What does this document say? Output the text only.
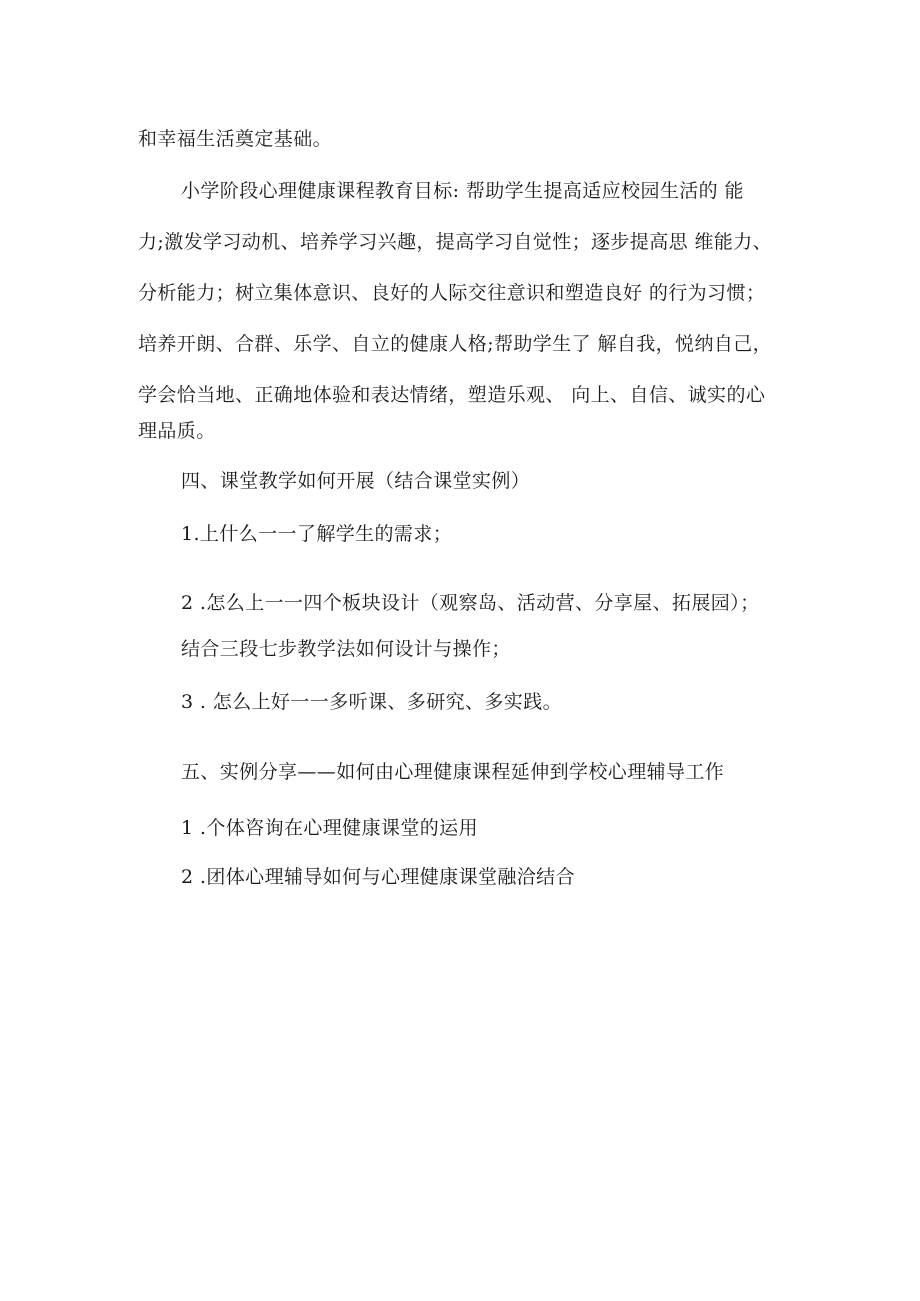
和幸福生活奠定基础。
小学阶段心理健康课程教育目标: 帮助学生提高适应校园生活的 能
力;激发学习动机、培养学习兴趣，提高学习自觉性；逐步提高思 维能力、
分析能力；树立集体意识、良好的人际交往意识和塑造良好 的行为习惯；
培养开朗、合群、乐学、自立的健康人格;帮助学生了 解自我，悦纳自己，
学会恰当地、正确地体验和表达情绪，塑造乐观、 向上、自信、诚实的心
理品质。
四、课堂教学如何开展（结合课堂实例）
1.上什么一一了解学生的需求；
2 .怎么上一一四个板块设计（观察岛、活动营、分享屋、拓展园）；
结合三段七步教学法如何设计与操作；
3 . 怎么上好一一多听课、多研究、多实践。
五、实例分享——如何由心理健康课程延伸到学校心理辅导工作
1 .个体咨询在心理健康课堂的运用
2 .团体心理辅导如何与心理健康课堂融洽结合
